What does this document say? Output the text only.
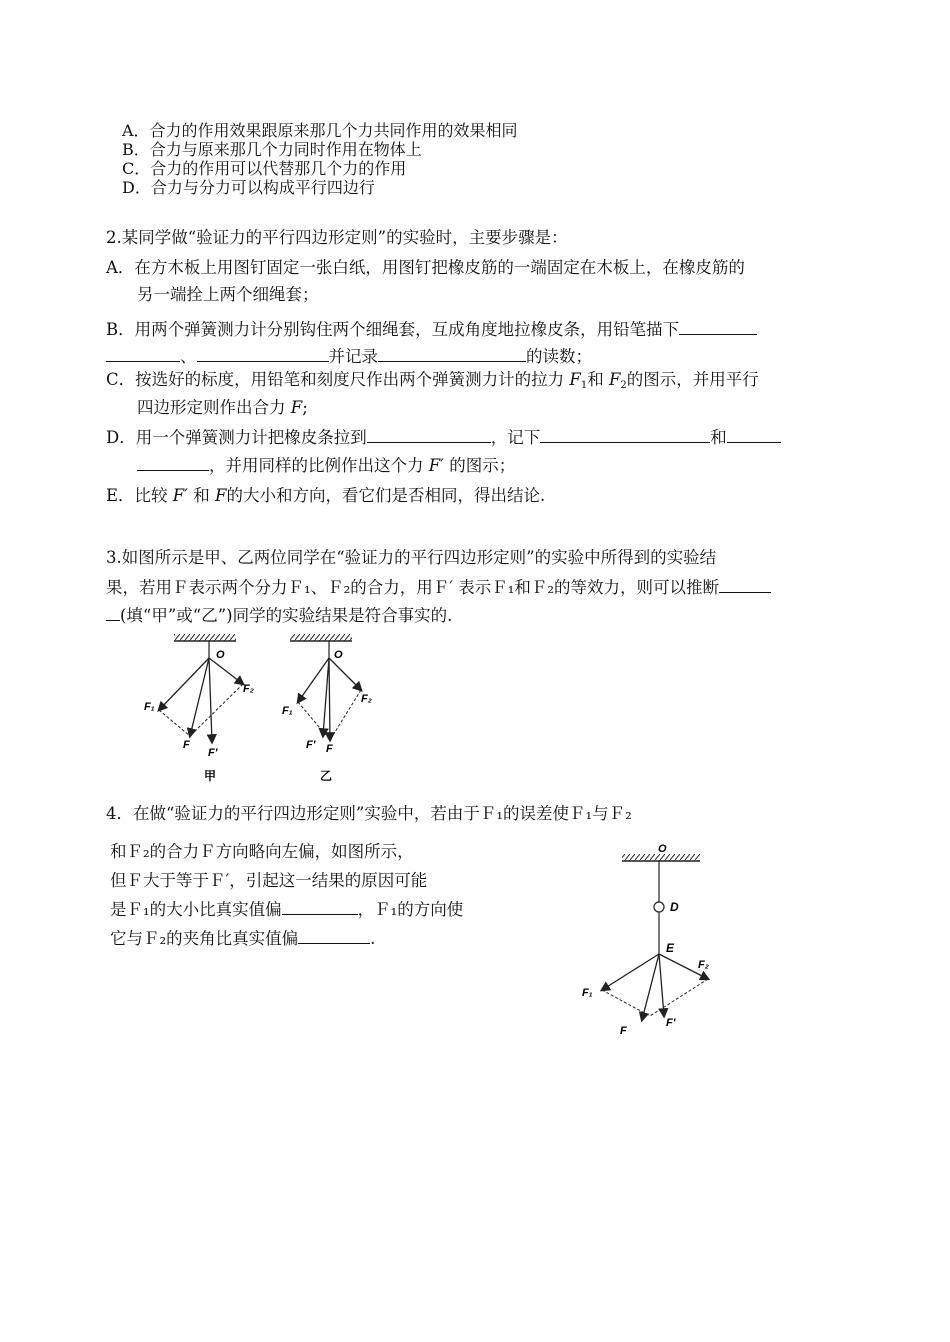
A．合力的作用效果跟原来那几个力共同作用的效果相同
B．合力与原来那几个力同时作用在物体上
C．合力的作用可以代替那几个力的作用
D．合力与分力可以构成平行四边行
2.某同学做“验证力的平行四边形定则”的实验时，主要步骤是：
A．在方木板上用图钉固定一张白纸，用图钉把橡皮筋的一端固定在木板上，在橡皮筋的
另一端拴上两个细绳套；
B．用两个弹簧测力计分别钩住两个细绳套，互成角度地拉橡皮条，用铅笔描下
、	并记录	的读数；
C．按选好的标度，用铅笔和刻度尺作出两个弹簧测力计的拉力 $F_1$和 $F_2$的图示，并用平行
四边形定则作出合力 F;
D．用一个弹簧测力计把橡皮条拉到	，记下	和
，并用同样的比例作出这个力 F′ 的图示；
E．比较 F′ 和 F的大小和方向，看它们是否相同，得出结论.
3.如图所示是甲、乙两位同学在“验证力的平行四边形定则”的实验中所得到的实验结
果，若用Ｆ表示两个分力Ｆ₁、Ｆ₂的合力，用Ｆ′ 表示Ｆ₁和Ｆ₂的等效力，则可以推断
(填“甲”或“乙”)同学的实验结果是符合事实的.
O
F₁
F₂
F
F′
甲
O
F₁
F₂
F′ F
乙
4．在做“验证力的平行四边形定则”实验中，若由于Ｆ₁的误差使Ｆ₁与Ｆ₂
和Ｆ₂的合力Ｆ方向略向左偏，如图所示，
但Ｆ大于等于Ｆ′，引起这一结果的原因可能
是Ｆ₁的大小比真实值偏	，Ｆ₁的方向使
它与Ｆ₂的夹角比真实值偏	.
O
D
E
F₁
F₂
F
F′
